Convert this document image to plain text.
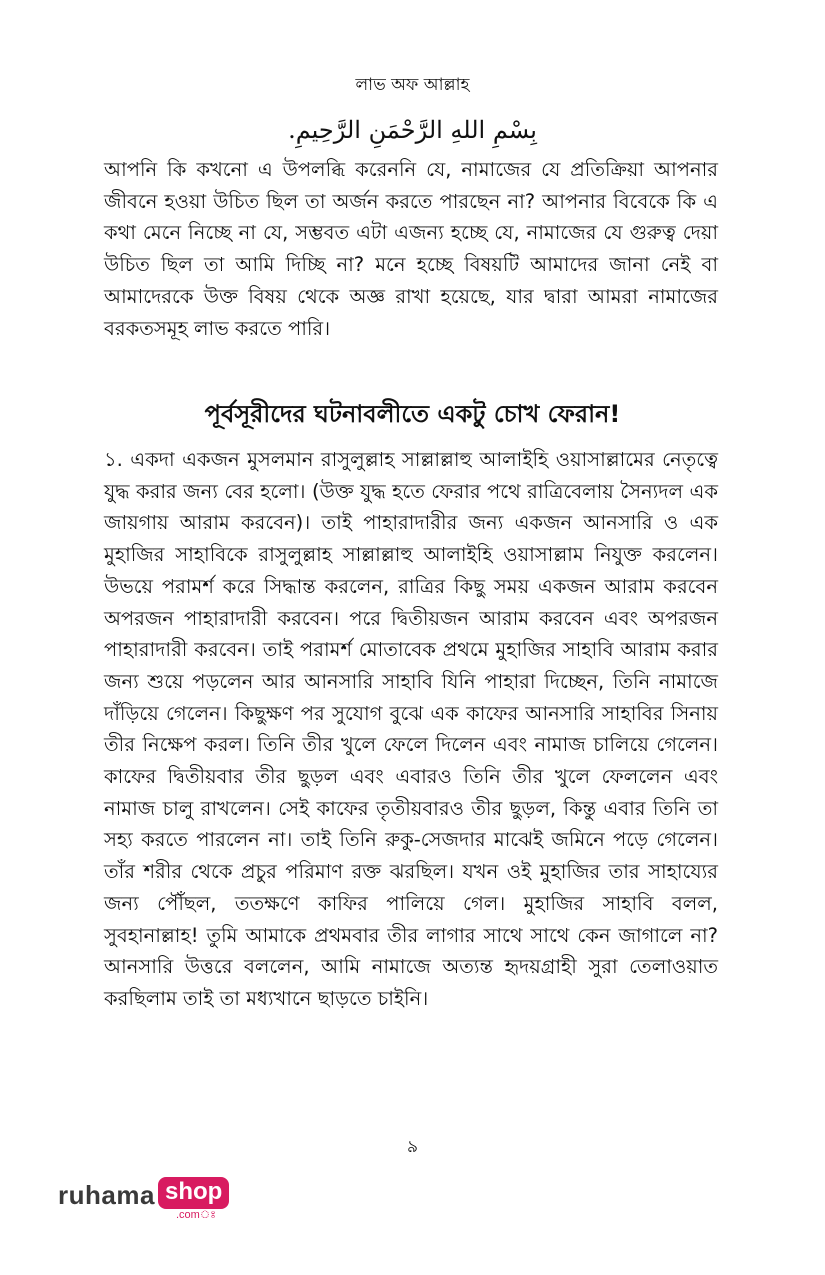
লাভ অফ আল্লাহ
بِسْمِ اللهِ الرَّحْمَنِ الرَّحِيمِ.

আপনি কি কখনো এ উপলব্ধি করেননি যে, নামাজের যে প্রতিক্রিয়া আপনার জীবনে হওয়া উচিত ছিল তা অর্জন করতে পারছেন না? আপনার বিবেকে কি এ কথা মেনে নিচ্ছে না যে, সম্ভবত এটা এজন্য হচ্ছে যে, নামাজের যে গুরুত্ব দেয়া উচিত ছিল তা আমি দিচ্ছি না? মনে হচ্ছে বিষয়টি আমাদের জানা নেই বা আমাদেরকে উক্ত বিষয় থেকে অজ্ঞ রাখা হয়েছে, যার দ্বারা আমরা নামাজের বরকতসমূহ লাভ করতে পারি।

পূর্বসূরীদের ঘটনাবলীতে একটু চোখ ফেরান!

১. একদা একজন মুসলমান রাসুলুল্লাহ সাল্লাল্লাহু আলাইহি ওয়াসাল্লামের নেতৃত্বে যুদ্ধ করার জন্য বের হলো। (উক্ত যুদ্ধ হতে ফেরার পথে রাত্রিবেলায় সৈন্যদল এক জায়গায় আরাম করবেন)। তাই পাহারাদারীর জন্য একজন আনসারি ও এক মুহাজির সাহাবিকে রাসুলুল্লাহ সাল্লাল্লাহু আলাইহি ওয়াসাল্লাম নিযুক্ত করলেন। উভয়ে পরামর্শ করে সিদ্ধান্ত করলেন, রাত্রির কিছু সময় একজন আরাম করবেন অপরজন পাহারাদারী করবেন। পরে দ্বিতীয়জন আরাম করবেন এবং অপরজন পাহারাদারী করবেন। তাই পরামর্শ মোতাবেক প্রথমে মুহাজির সাহাবি আরাম করার জন্য শুয়ে পড়লেন আর আনসারি সাহাবি যিনি পাহারা দিচ্ছেন, তিনি নামাজে দাঁড়িয়ে গেলেন। কিছুক্ষণ পর সুযোগ বুঝে এক কাফের আনসারি সাহাবির সিনায় তীর নিক্ষেপ করল। তিনি তীর খুলে ফেলে দিলেন এবং নামাজ চালিয়ে গেলেন। কাফের দ্বিতীয়বার তীর ছুড়ল এবং এবারও তিনি তীর খুলে ফেললেন এবং নামাজ চালু রাখলেন। সেই কাফের তৃতীয়বারও তীর ছুড়ল, কিন্তু এবার তিনি তা সহ্য করতে পারলেন না। তাই তিনি রুকু-সেজদার মাঝেই জমিনে পড়ে গেলেন। তাঁর শরীর থেকে প্রচুর পরিমাণ রক্ত ঝরছিল। যখন ওই মুহাজির তার সাহায্যের জন্য পৌঁছল, ততক্ষণে কাফির পালিয়ে গেল। মুহাজির সাহাবি বলল, সুবহানাল্লাহ! তুমি আমাকে প্রথমবার তীর লাগার সাথে সাথে কেন জাগালে না? আনসারি উত্তরে বললেন, আমি নামাজে অত্যন্ত হৃদয়গ্রাহী সুরা তেলাওয়াত করছিলাম তাই তা মধ্যখানে ছাড়তে চাইনি।

৯
ruhama shop
.comঃ
